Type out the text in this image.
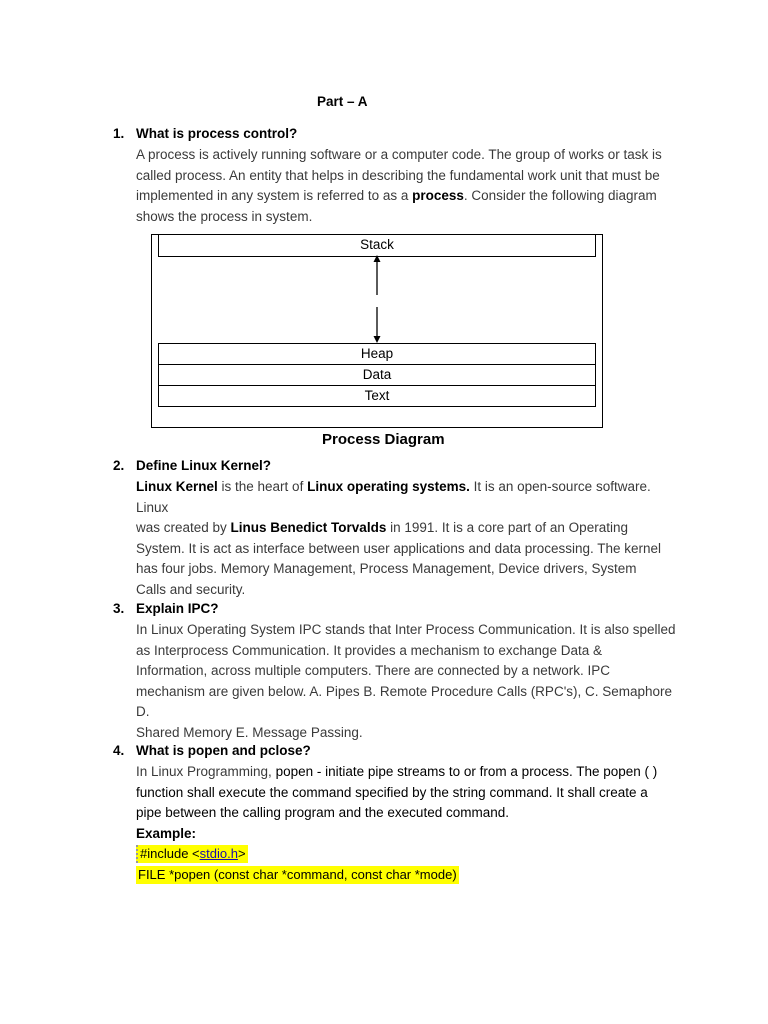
Part – A
1. What is process control?
A process is actively running software or a computer code. The group of works or task is
called process. An entity that helps in describing the fundamental work unit that must be
implemented in any system is referred to as a process. Consider the following diagram
shows the process in system.
Stack
Heap
Data
Text
Process Diagram
2. Define Linux Kernel?
Linux Kernel is the heart of Linux operating systems. It is an open-source software. Linux
was created by Linus Benedict Torvalds in 1991. It is a core part of an Operating
System. It is act as interface between user applications and data processing. The kernel
has four jobs. Memory Management, Process Management, Device drivers, System
Calls and security.
3. Explain IPC?
In Linux Operating System IPC stands that Inter Process Communication. It is also spelled
as Interprocess Communication. It provides a mechanism to exchange Data &
Information, across multiple computers. There are connected by a network. IPC
mechanism are given below. A. Pipes B. Remote Procedure Calls (RPC's), C. Semaphore D.
Shared Memory E. Message Passing.
4. What is popen and pclose?
In Linux Programming, popen - initiate pipe streams to or from a process. The popen ( )
function shall execute the command specified by the string command. It shall create a
pipe between the calling program and the executed command.
Example:
#include <stdio.h>
FILE *popen (const char *command, const char *mode)
